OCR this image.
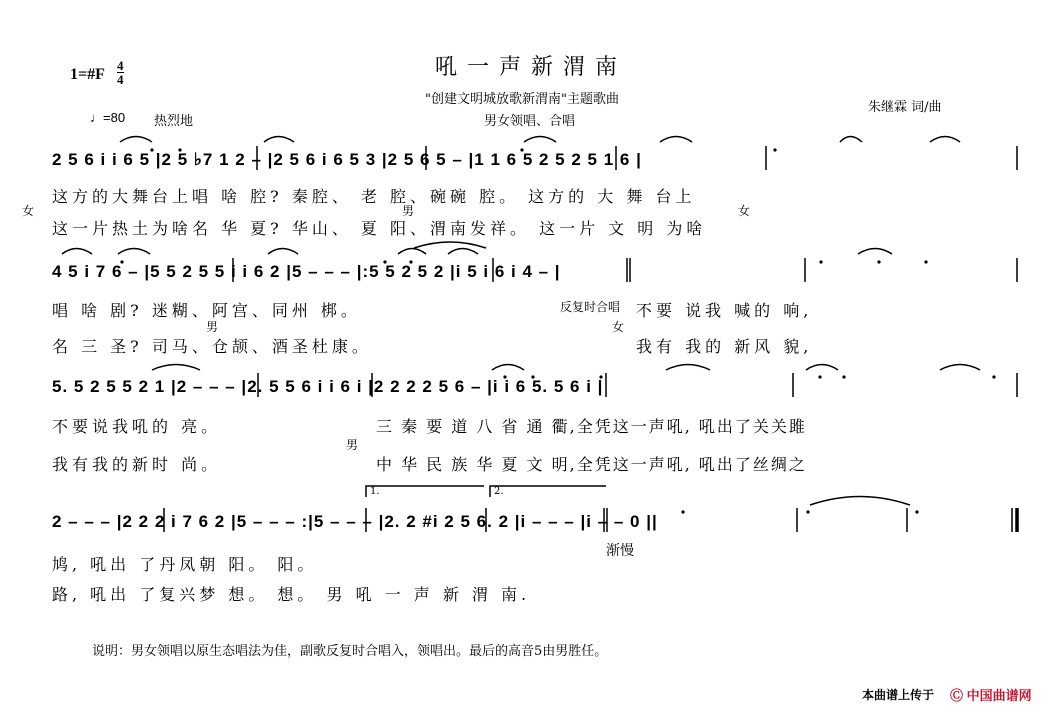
吼一声新渭南
"创建文明城放歌新渭南"主题歌曲
男女领唱、合唱
朱继霖 词/曲
1=#F
4
4
♩=80 热烈地
2 5 6 i i 6 5 |2 5 ♭7 1 2 – |2 5 6 i 6 5 3 |2 5 6 5 – |1 1 6 5 2 5 2 5 1 6 |
这方的大舞台上唱 啥 腔? 秦腔、 老 腔、碗碗 腔。 这方的 大 舞 台上
这一片热土为啥名 华 夏? 华山、 夏 阳、渭南发祥。 这一片 文 明 为啥
女	男	女
4 5 i 7 6 – |5 5 2 5 5 i i 6 2 |5 – – – |:5 5 2 5 2 |i 5 i 6 i 4 – |
唱 啥 剧? 迷糊、阿宫、同州 梆。
名 三 圣? 司马、仓颉、酒圣杜康。
不要 说我 喊的 响,
我有 我的 新风 貌,
反复时合唱
男	女
5. 5 2 5 5 2 1 |2 – – – |2. 5 5 6 i i 6 i |2 2 2 2 5 6 – |i i 6 5. 5 6 i |
不要说我吼的 亮。
我有我的新时 尚。
三 秦 要 道 八 省 通 衢,全凭这一声吼, 吼出了关关雎
中 华 民 族 华 夏 文 明,全凭这一声吼, 吼出了丝绸之
男
1.	2.
2 – – – |2 2 2 i 7 6 2 |5 – – – :|5 – – – |2. 2 #i 2 5 6. 2 |i – – – |i – – 0 ||
渐慢
鸠, 吼出 了丹凤朝 阳。 阳。
路, 吼出 了复兴梦 想。 想。 男 吼 一 声 新 渭 南.
说明：男女领唱以原生态唱法为佳，副歌反复时合唱入，领唱出。最后的高音5由男胜任。
本曲谱上传于 Ⓒ 中国曲谱网
